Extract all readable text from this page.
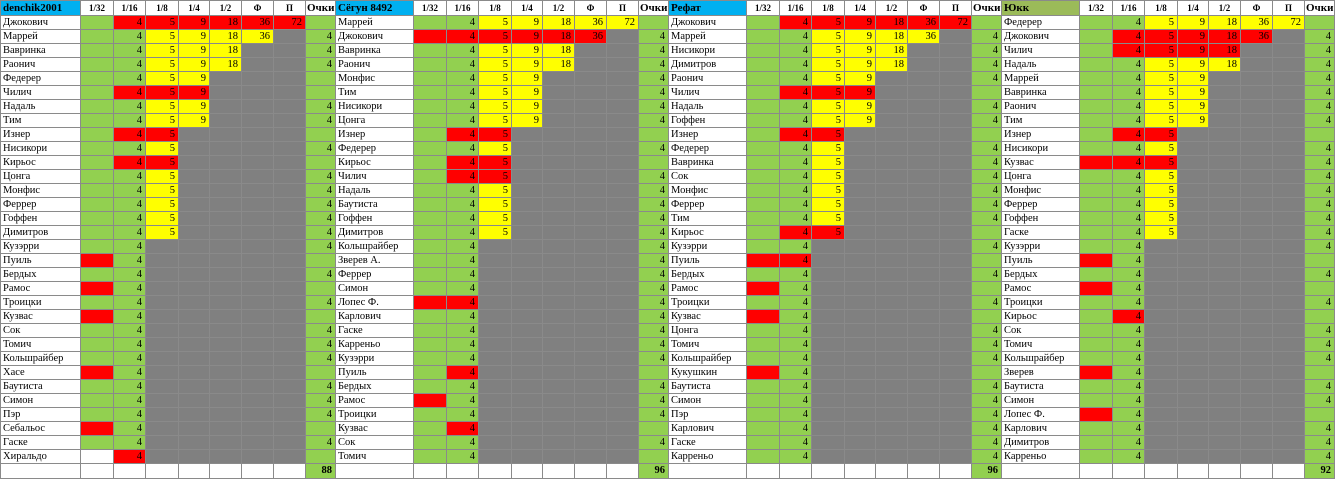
denchik2001	1/32	1/16	1/8	1/4	1/2	Ф	П	Очки	Сёгун 8492	1/32	1/16	1/8	1/4	1/2	Ф	П	Очки	Рефат	1/32	1/16	1/8	1/4	1/2	Ф	П	Очки	Юкк	1/32	1/16	1/8	1/4	1/2	Ф	П	Очки
Джокович		4	5	9	18	36	72		Маррей		4	5	9	18	36	72		Джокович		4	5	9	18	36	72		Федерер		4	5	9	18	36	72	
Маррей		4	5	9	18	36		4	Джокович		4	5	9	18	36		4	Маррей		4	5	9	18	36		4	Джокович		4	5	9	18	36		4
Вавринка		4	5	9	18			4	Вавринка		4	5	9	18			4	Нисикори		4	5	9	18			4	Чилич		4	5	9	18			4
Раонич		4	5	9	18			4	Раонич		4	5	9	18			4	Димитров		4	5	9	18			4	Надаль		4	5	9	18			4
Федерер		4	5	9					Монфис		4	5	9				4	Раонич		4	5	9				4	Маррей		4	5	9				4
Чилич		4	5	9					Тим		4	5	9				4	Чилич		4	5	9					Вавринка		4	5	9				4
Надаль		4	5	9				4	Нисикори		4	5	9				4	Надаль		4	5	9				4	Раонич		4	5	9				4
Тим		4	5	9				4	Цонга		4	5	9				4	Гоффен		4	5	9				4	Тим		4	5	9				4
Изнер		4	5						Изнер		4	5						Изнер		4	5						Изнер		4	5					
Нисикори		4	5					4	Федерер		4	5					4	Федерер		4	5					4	Нисикори		4	5					4
Кирьос		4	5						Кирьос		4	5						Вавринка		4	5					4	Кузвас		4	5					4
Цонга		4	5					4	Чилич		4	5					4	Сок		4	5					4	Цонга		4	5					4
Монфис		4	5					4	Надаль		4	5					4	Монфис		4	5					4	Монфис		4	5					4
Феррер		4	5					4	Баутиста		4	5					4	Феррер		4	5					4	Феррер		4	5					4
Гоффен		4	5					4	Гоффен		4	5					4	Тим		4	5					4	Гоффен		4	5					4
Димитров		4	5					4	Димитров		4	5					4	Кирьос		4	5						Гаске		4	5					4
Кузэрри		4						4	Кольшрайбер		4						4	Кузэрри		4						4	Кузэрри		4						4
Пуиль		4							Зверев А.		4						4	Пуиль		4							Пуиль		4						
Бердых		4						4	Феррер		4						4	Бердых		4						4	Бердых		4						4
Рамос		4							Симон		4						4	Рамос		4							Рамос		4						
Троицки		4						4	Лопес Ф.		4						4	Троицки		4						4	Троицки		4						4
Кузвас		4							Карлович		4						4	Кузвас		4							Кирьос		4						
Сок		4						4	Гаске		4						4	Цонга		4						4	Сок		4						4
Томич		4						4	Карреньо		4						4	Томич		4						4	Томич		4						4
Кольшрайбер		4						4	Кузэрри		4						4	Кольшрайбер		4						4	Кольшрайбер		4						4
Хасе		4							Пуиль		4							Кукушкин		4							Зверев		4						
Баутиста		4						4	Бердых		4						4	Баутиста		4						4	Баутиста		4						4
Симон		4						4	Рамос		4						4	Симон		4						4	Симон		4						4
Пэр		4						4	Троицки		4						4	Пэр		4						4	Лопес Ф.		4						
Себальос		4							Кузвас		4							Карлович		4						4	Карлович		4						4
Гаске		4						4	Сок		4						4	Гаске		4						4	Димитров		4						4
Хиральдо		4							Томич		4							Карреньо		4						4	Карреньо		4						4
								88									96									96									92
